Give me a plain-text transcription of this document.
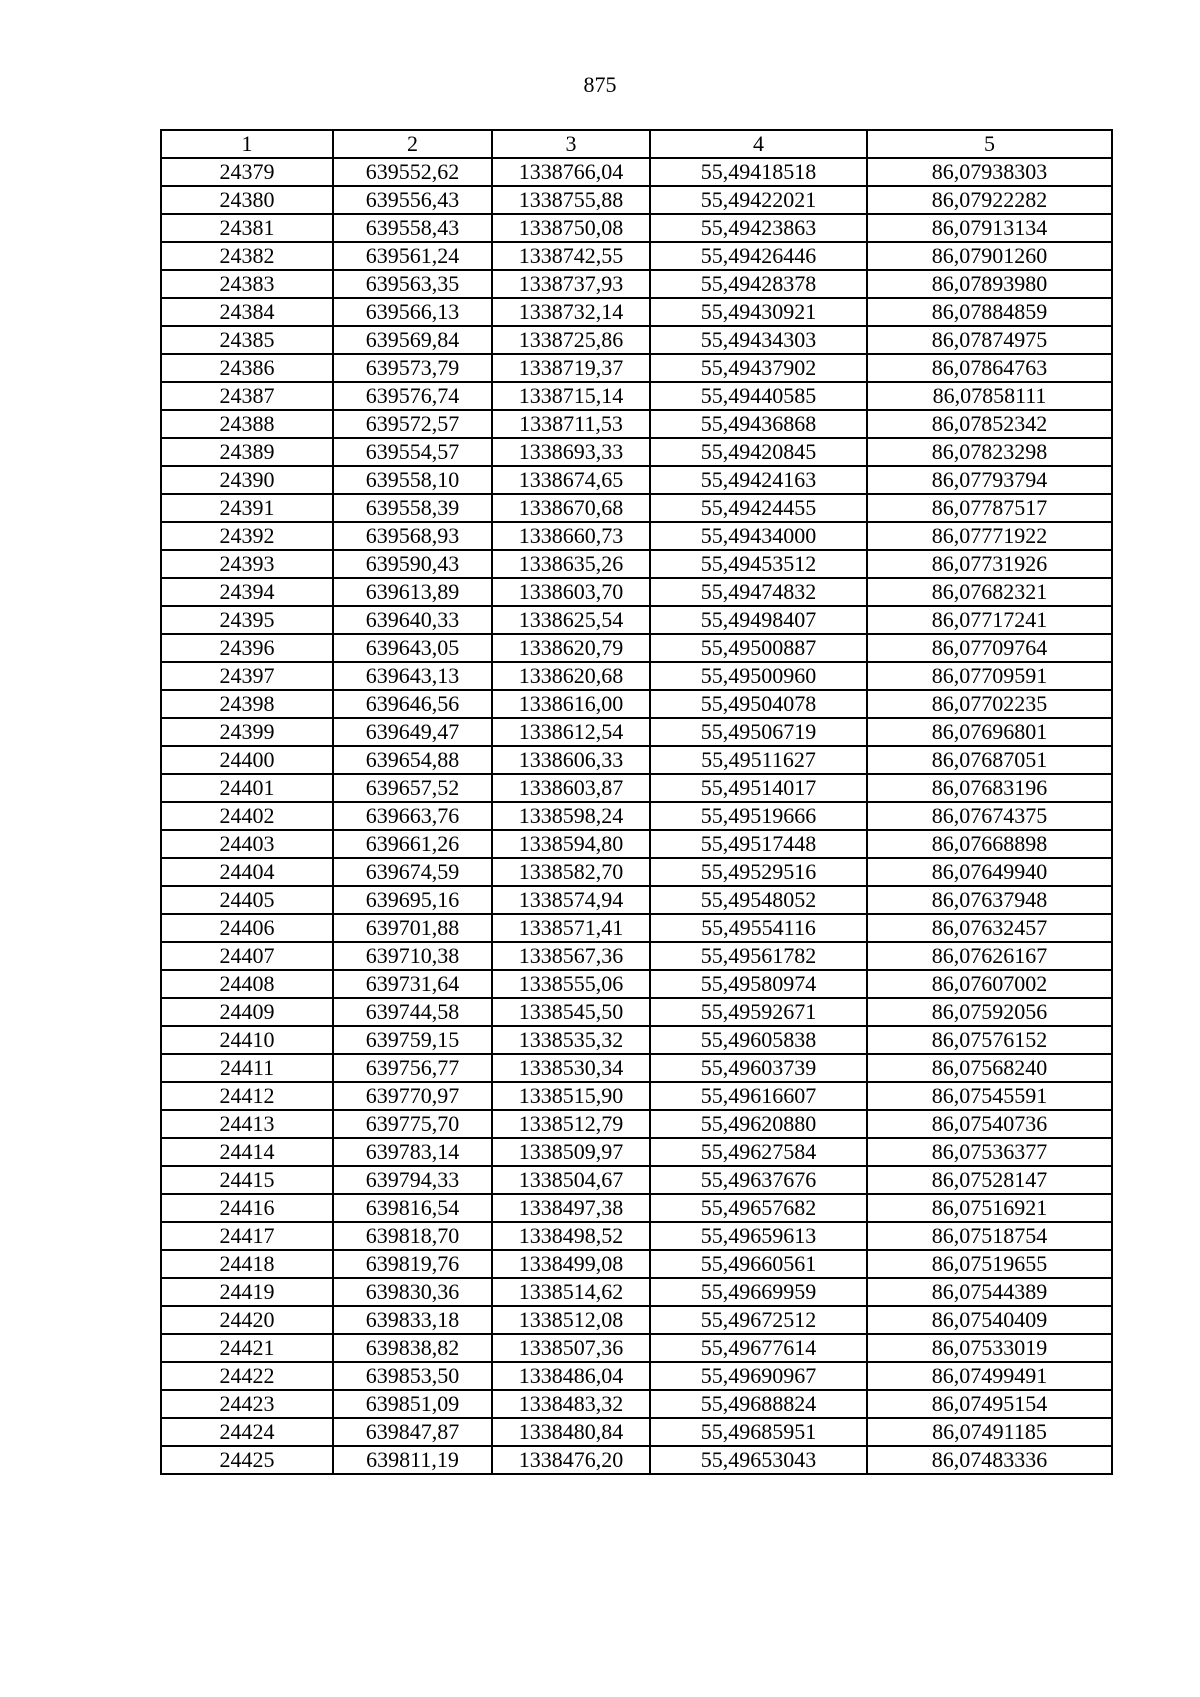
875
1	2	3	4	5
24379	639552,62	1338766,04	55,49418518	86,07938303
24380	639556,43	1338755,88	55,49422021	86,07922282
24381	639558,43	1338750,08	55,49423863	86,07913134
24382	639561,24	1338742,55	55,49426446	86,07901260
24383	639563,35	1338737,93	55,49428378	86,07893980
24384	639566,13	1338732,14	55,49430921	86,07884859
24385	639569,84	1338725,86	55,49434303	86,07874975
24386	639573,79	1338719,37	55,49437902	86,07864763
24387	639576,74	1338715,14	55,49440585	86,07858111
24388	639572,57	1338711,53	55,49436868	86,07852342
24389	639554,57	1338693,33	55,49420845	86,07823298
24390	639558,10	1338674,65	55,49424163	86,07793794
24391	639558,39	1338670,68	55,49424455	86,07787517
24392	639568,93	1338660,73	55,49434000	86,07771922
24393	639590,43	1338635,26	55,49453512	86,07731926
24394	639613,89	1338603,70	55,49474832	86,07682321
24395	639640,33	1338625,54	55,49498407	86,07717241
24396	639643,05	1338620,79	55,49500887	86,07709764
24397	639643,13	1338620,68	55,49500960	86,07709591
24398	639646,56	1338616,00	55,49504078	86,07702235
24399	639649,47	1338612,54	55,49506719	86,07696801
24400	639654,88	1338606,33	55,49511627	86,07687051
24401	639657,52	1338603,87	55,49514017	86,07683196
24402	639663,76	1338598,24	55,49519666	86,07674375
24403	639661,26	1338594,80	55,49517448	86,07668898
24404	639674,59	1338582,70	55,49529516	86,07649940
24405	639695,16	1338574,94	55,49548052	86,07637948
24406	639701,88	1338571,41	55,49554116	86,07632457
24407	639710,38	1338567,36	55,49561782	86,07626167
24408	639731,64	1338555,06	55,49580974	86,07607002
24409	639744,58	1338545,50	55,49592671	86,07592056
24410	639759,15	1338535,32	55,49605838	86,07576152
24411	639756,77	1338530,34	55,49603739	86,07568240
24412	639770,97	1338515,90	55,49616607	86,07545591
24413	639775,70	1338512,79	55,49620880	86,07540736
24414	639783,14	1338509,97	55,49627584	86,07536377
24415	639794,33	1338504,67	55,49637676	86,07528147
24416	639816,54	1338497,38	55,49657682	86,07516921
24417	639818,70	1338498,52	55,49659613	86,07518754
24418	639819,76	1338499,08	55,49660561	86,07519655
24419	639830,36	1338514,62	55,49669959	86,07544389
24420	639833,18	1338512,08	55,49672512	86,07540409
24421	639838,82	1338507,36	55,49677614	86,07533019
24422	639853,50	1338486,04	55,49690967	86,07499491
24423	639851,09	1338483,32	55,49688824	86,07495154
24424	639847,87	1338480,84	55,49685951	86,07491185
24425	639811,19	1338476,20	55,49653043	86,07483336
